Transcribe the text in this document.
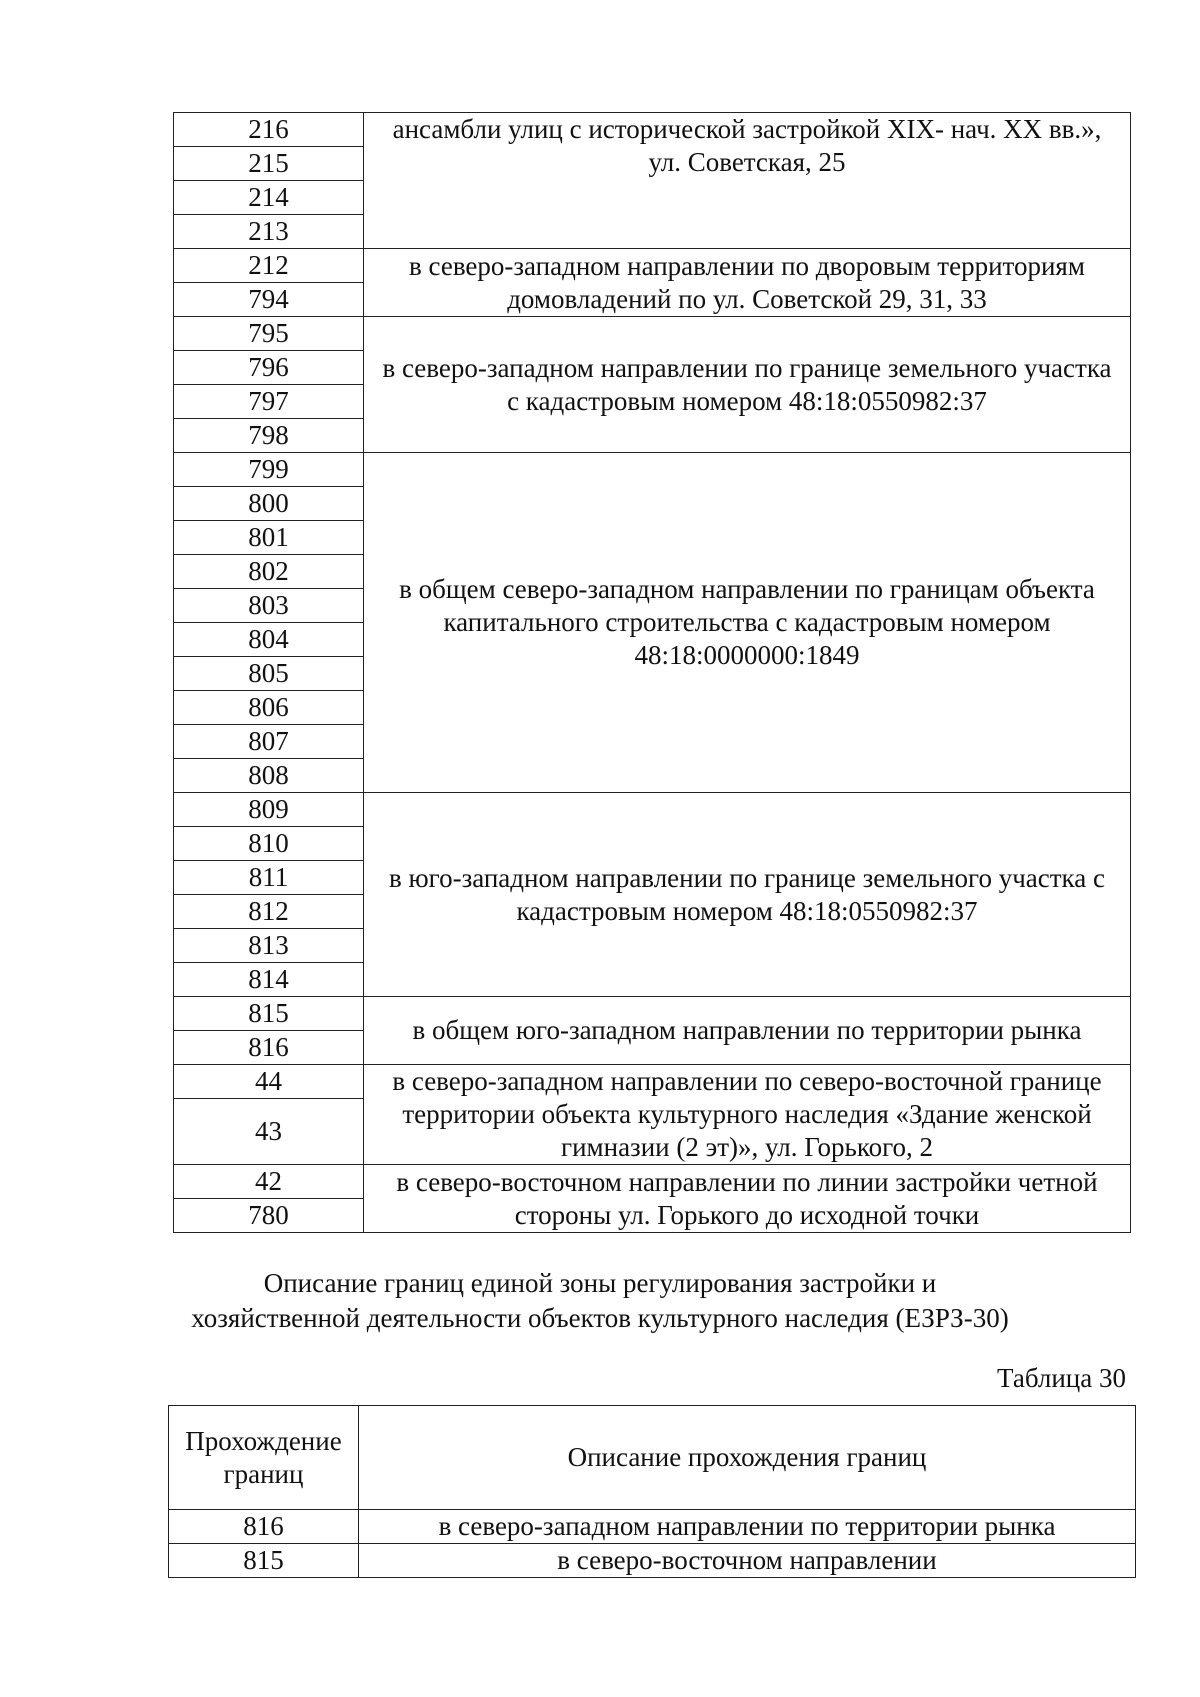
216	ансамбли улиц с исторической застройкой XIX- нач. XX вв.», ул. Советская, 25
215	
214	
213	
212	в северо-западном направлении по дворовым территориям домовладений по ул. Советской 29, 31, 33
794	
795	в северо-западном направлении по границе земельного участка с кадастровым номером 48:18:0550982:37
796	
797	
798	
799	в общем северо-западном направлении по границам объекта капитального строительства с кадастровым номером 48:18:0000000:1849
800	
801	
802	
803	
804	
805	
806	
807	
808	
809	в юго-западном направлении по границе земельного участка с кадастровым номером 48:18:0550982:37
810	
811	
812	
813	
814	
815	в общем юго-западном направлении по территории рынка
816	
44	в северо-западном направлении по северо-восточной границе территории объекта культурного наследия «Здание женской гимназии (2 эт)», ул. Горького, 2
43	
42	в северо-восточном направлении по линии застройки четной стороны ул. Горького до исходной точки
780	
Описание границ единой зоны регулирования застройки и
хозяйственной деятельности объектов культурного наследия (ЕЗРЗ-30)
Таблица 30
Прохождение границ	Описание прохождения границ
816	в северо-западном направлении по территории рынка
815	в северо-восточном направлении
